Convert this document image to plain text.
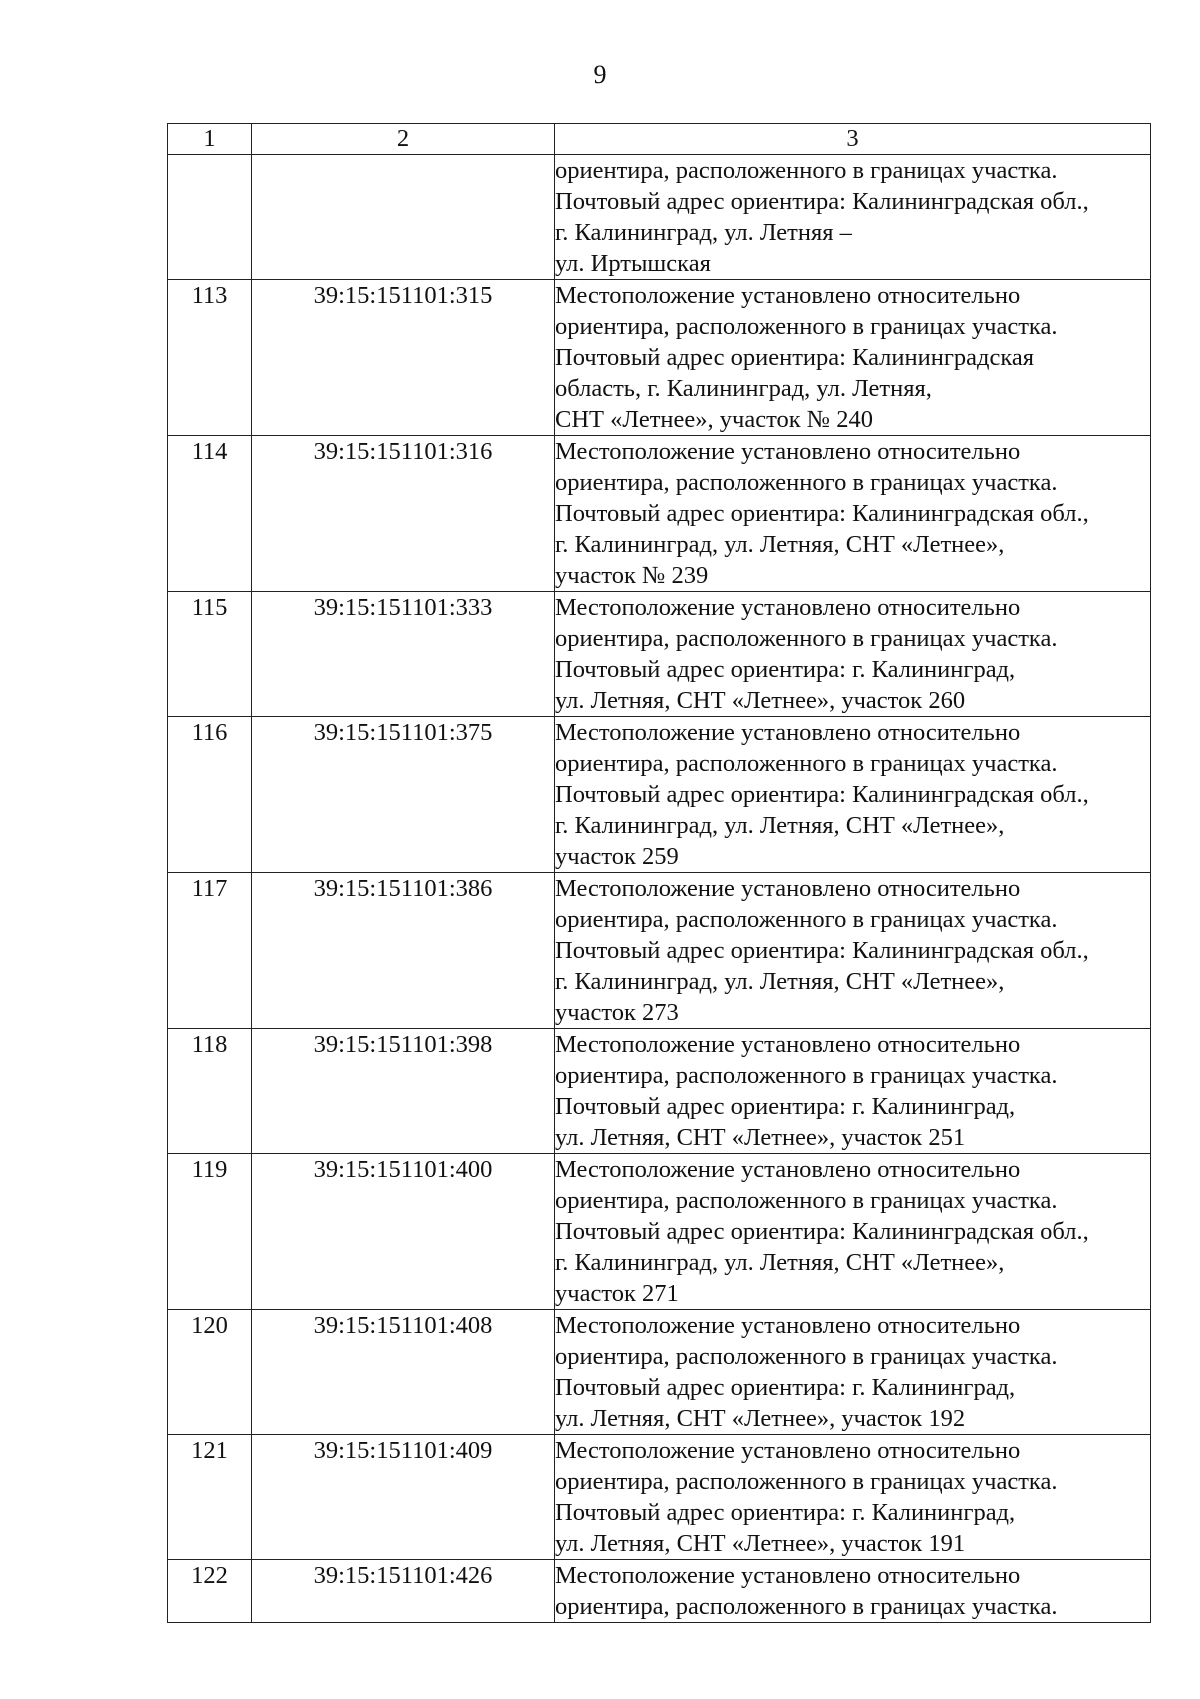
9
1	2	3

		ориентира, расположенного в границах участка.
Почтовый адрес ориентира: Калининградская обл.,
г. Калининград, ул. Летняя –
ул. Иртышская

113	39:15:151101:315	Местоположение установлено относительно
ориентира, расположенного в границах участка.
Почтовый адрес ориентира: Калининградская
область, г. Калининград, ул. Летняя,
СНТ «Летнее», участок № 240

114	39:15:151101:316	Местоположение установлено относительно
ориентира, расположенного в границах участка.
Почтовый адрес ориентира: Калининградская обл.,
г. Калининград, ул. Летняя, СНТ «Летнее»,
участок № 239

115	39:15:151101:333	Местоположение установлено относительно
ориентира, расположенного в границах участка.
Почтовый адрес ориентира: г. Калининград,
ул. Летняя, СНТ «Летнее», участок 260

116	39:15:151101:375	Местоположение установлено относительно
ориентира, расположенного в границах участка.
Почтовый адрес ориентира: Калининградская обл.,
г. Калининград, ул. Летняя, СНТ «Летнее»,
участок 259

117	39:15:151101:386	Местоположение установлено относительно
ориентира, расположенного в границах участка.
Почтовый адрес ориентира: Калининградская обл.,
г. Калининград, ул. Летняя, СНТ «Летнее»,
участок 273

118	39:15:151101:398	Местоположение установлено относительно
ориентира, расположенного в границах участка.
Почтовый адрес ориентира: г. Калининград,
ул. Летняя, СНТ «Летнее», участок 251

119	39:15:151101:400	Местоположение установлено относительно
ориентира, расположенного в границах участка.
Почтовый адрес ориентира: Калининградская обл.,
г. Калининград, ул. Летняя, СНТ «Летнее»,
участок 271

120	39:15:151101:408	Местоположение установлено относительно
ориентира, расположенного в границах участка.
Почтовый адрес ориентира: г. Калининград,
ул. Летняя, СНТ «Летнее», участок 192

121	39:15:151101:409	Местоположение установлено относительно
ориентира, расположенного в границах участка.
Почтовый адрес ориентира: г. Калининград,
ул. Летняя, СНТ «Летнее», участок 191

122	39:15:151101:426	Местоположение установлено относительно
ориентира, расположенного в границах участка.
